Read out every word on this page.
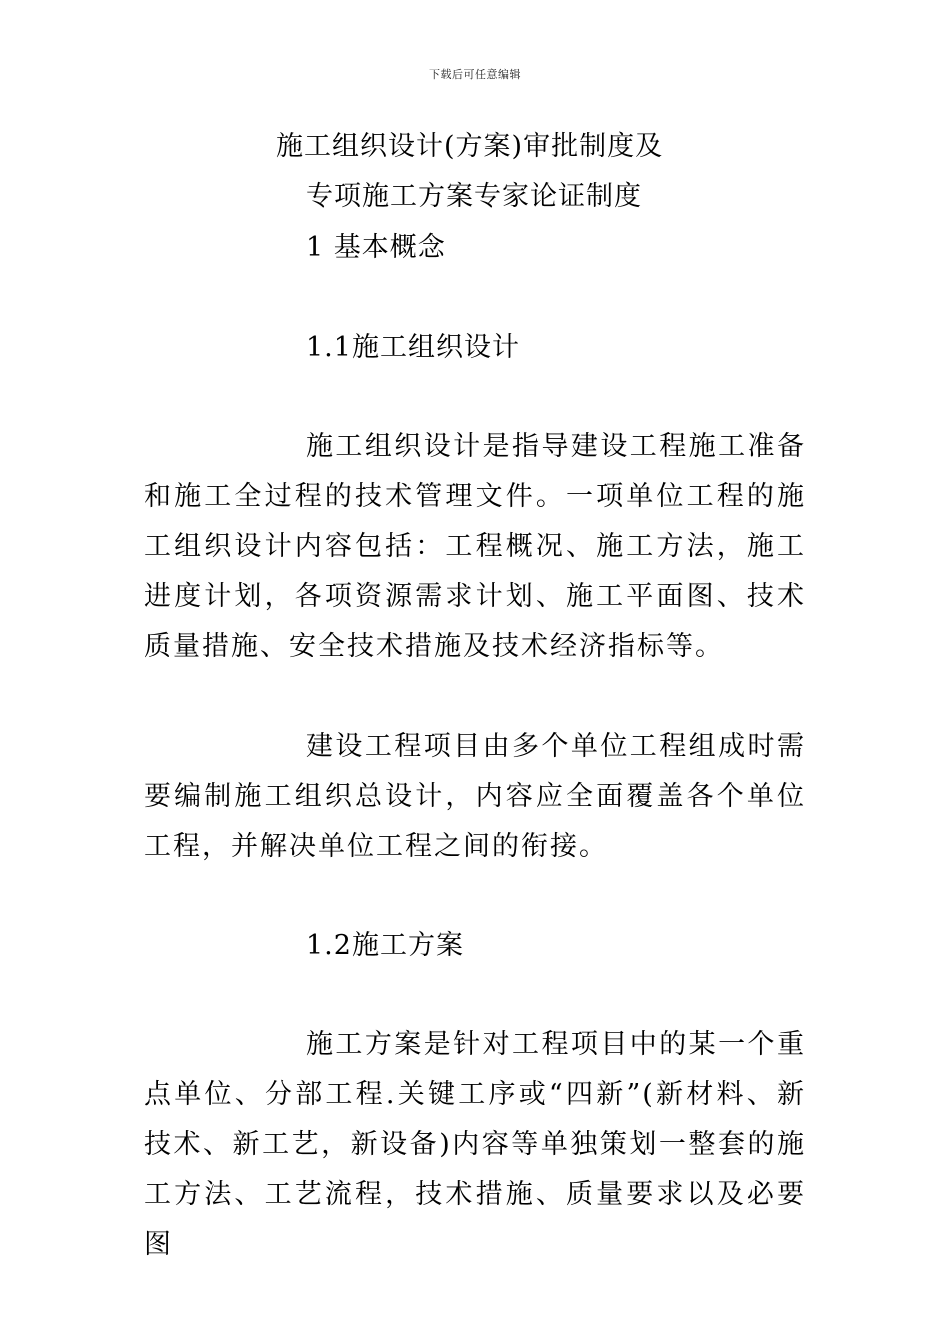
下载后可任意编辑
施工组织设计(方案)审批制度及
专项施工方案专家论证制度
1 基本概念
1.1施工组织设计

施工组织设计是指导建设工程施工准备和施工全过程的技术管理文件。一项单位工程的施工组织设计内容包括：工程概况、施工方法，施工进度计划，各项资源需求计划、施工平面图、技术质量措施、安全技术措施及技术经济指标等。

建设工程项目由多个单位工程组成时需要编制施工组织总设计，内容应全面覆盖各个单位工程，并解决单位工程之间的衔接。

1.2施工方案

施工方案是针对工程项目中的某一个重点单位、分部工程.关键工序或“四新”(新材料、新技术、新工艺，新设备)内容等单独策划一整套的施工方法、工艺流程，技术措施、质量要求以及必要图
